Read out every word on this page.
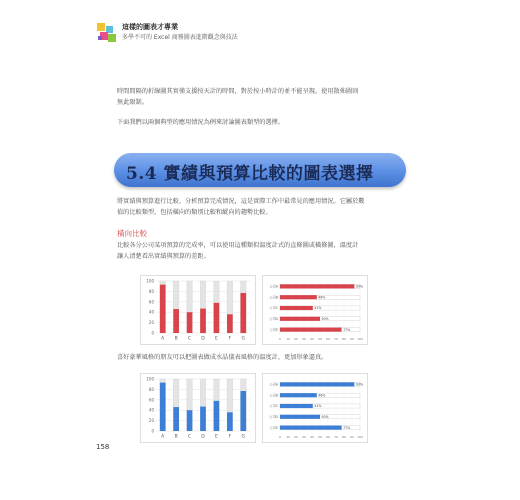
這樣的圖表才專業
多學不可的 Excel 商務圖表進階觀念與技法
時間間隔的折線圖其實僅支援按天計的時間，對於按小時計的並不能呈現。使用散佈圖則
無此限制。
下面我們以兩個典型的應用情況為例來討論圖表類型的選擇。
5.4 實績與預算比較的圖表選擇
將實績與預算進行比較，分析預算完成情況，這是實際工作中最常見的應用情況。它屬於數
值的比較類型，包括橫向的類別比較和縱向的趨勢比較。
橫向比較
比較各分公司某項預算的完成率，可以使用這種類似溫度計式的直條圖或橫條圖，溫度計
讓人清楚看出實績與預算的差距。
0
20
40
60
80
100
A B C D E F G	0 10 20 30 40 50 60 70 80 90 100
公司A	93%
公司B	46%
公司C	41%
公司D	50%
公司E	77%
喜好豪華風格的朋友可以把圖表做成水晶儀表風格的溫度計，更加形象逼真。
0
20
40
60
80
100
A B C D E F G	0 10 20 30 40 50 60 70 80 90 100
公司A	93%
公司B	46%
公司C	41%
公司D	50%
公司E	77%
158
